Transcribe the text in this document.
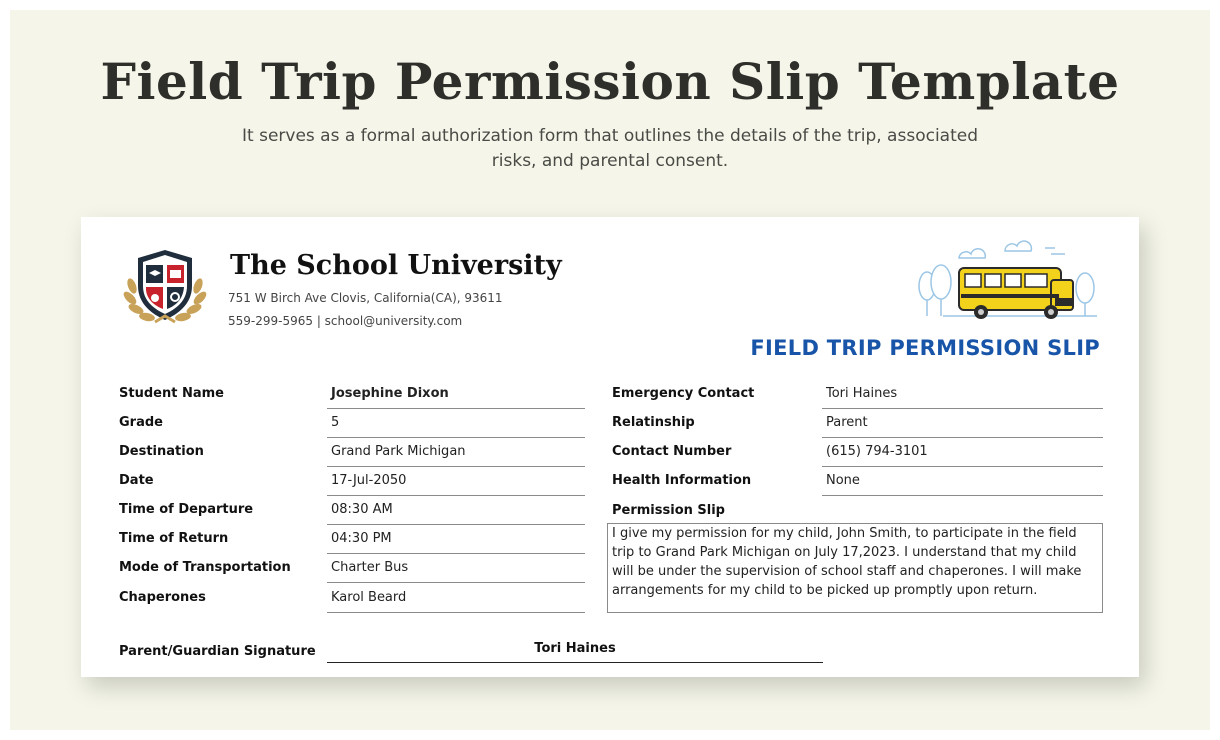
Field Trip Permission Slip Template

It serves as a formal authorization form that outlines the details of the trip, associated
risks, and parental consent.

The School University
751 W Birch Ave Clovis, California(CA), 93611
559-299-5965 | school@university.com
FIELD TRIP PERMISSION SLIP
Student Name	Josephine Dixon
Grade	5
Destination	Grand Park Michigan
Date	17-Jul-2050
Time of Departure	08:30 AM
Time of Return	04:30 PM
Mode of Transportation	Charter Bus
Chaperones	Karol Beard
Emergency Contact	Tori Haines
Relatinship	Parent
Contact Number	(615) 794-3101
Health Information	None
Permission Slip
I give my permission for my child, John Smith, to participate in the field trip to Grand Park Michigan on July 17,2023. I understand that my child will be under the supervision of school staff and chaperones. I will make arrangements for my child to be picked up promptly upon return.
Parent/Guardian Signature	Tori Haines
